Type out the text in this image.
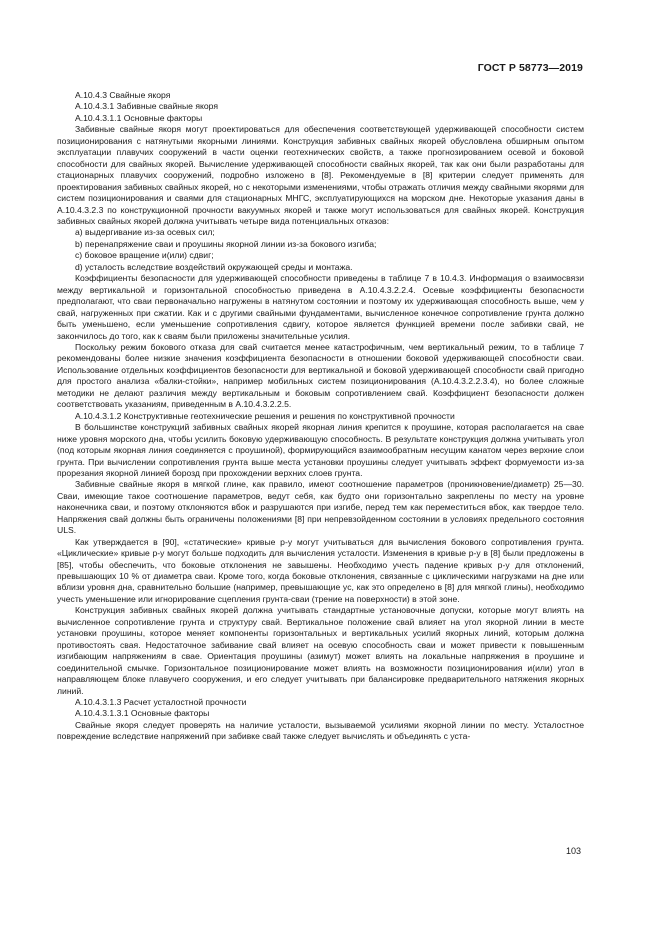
ГОСТ Р 58773—2019

A.10.4.3 Свайные якоря

A.10.4.3.1 Забивные свайные якоря

A.10.4.3.1.1 Основные факторы

Забивные свайные якоря могут проектироваться для обеспечения соответствующей удерживающей способности систем позиционирования с натянутыми якорными линиями. Конструкция забивных свайных якорей обусловлена обширным опытом эксплуатации плавучих сооружений в части оценки геотехнических свойств, а также прогнозированием осевой и боковой способности для свайных якорей. Вычисление удерживающей способности свайных якорей, так как они были разработаны для стационарных плавучих сооружений, подробно изложено в [8]. Рекомендуемые в [8] критерии следует применять для проектирования забивных свайных якорей, но с некоторыми изменениями, чтобы отражать отличия между свайными якорями для систем позиционирования и сваями для стационарных МНГС, эксплуатирующихся на морском дне. Некоторые указания даны в A.10.4.3.2.3 по конструкционной прочности вакуумных якорей и также могут использоваться для свайных якорей. Конструкция забивных свайных якорей должна учитывать четыре вида потенциальных отказов:

a) выдергивание из-за осевых сил;

b) перенапряжение сваи и проушины якорной линии из-за бокового изгиба;

c) боковое вращение и(или) сдвиг;

d) усталость вследствие воздействий окружающей среды и монтажа.

Коэффициенты безопасности для удерживающей способности приведены в таблице 7 в 10.4.3. Информация о взаимосвязи между вертикальной и горизонтальной способностью приведена в A.10.4.3.2.2.4. Осевые коэффициенты безопасности предполагают, что сваи первоначально нагружены в натянутом состоянии и поэтому их удерживающая способность выше, чем у свай, нагруженных при сжатии. Как и с другими свайными фундаментами, вычисленное конечное сопротивление грунта должно быть уменьшено, если уменьшение сопротивления сдвигу, которое является функцией времени после забивки свай, не закончилось до того, как к сваям были приложены значительные усилия.

Поскольку режим бокового отказа для свай считается менее катастрофичным, чем вертикальный режим, то в таблице 7 рекомендованы более низкие значения коэффициента безопасности в отношении боковой удерживающей способности сваи. Использование отдельных коэффициентов безопасности для вертикальной и боковой удерживающей способности свай пригодно для простого анализа «балки-стойки», например мобильных систем позиционирования (A.10.4.3.2.2.3.4), но более сложные методики не делают различия между вертикальным и боковым сопротивлением свай. Коэффициент безопасности должен соответствовать указаниям, приведенным в A.10.4.3.2.2.5.

A.10.4.3.1.2 Конструктивные геотехнические решения и решения по конструктивной прочности

В большинстве конструкций забивных свайных якорей якорная линия крепится к проушине, которая располагается на свае ниже уровня морского дна, чтобы усилить боковую удерживающую способность. В результате конструкция должна учитывать угол (под которым якорная линия соединяется с проушиной), формирующийся взаимообратным несущим канатом через верхние слои грунта. При вычислении сопротивления грунта выше места установки проушины следует учитывать эффект формуемости из-за прорезания якорной линией борозд при прохождении верхних слоев грунта.

Забивные свайные якоря в мягкой глине, как правило, имеют соотношение параметров (проникновение/диаметр) 25—30. Сваи, имеющие такое соотношение параметров, ведут себя, как будто они горизонтально закреплены по месту на уровне наконечника сваи, и поэтому отклоняются вбок и разрушаются при изгибе, перед тем как переместиться вбок, как твердое тело. Напряжения свай должны быть ограничены положениями [8] при непревзойденном состоянии в условиях предельного состояния ULS.

Как утверждается в [90], «статические» кривые p-y могут учитываться для вычисления бокового сопротивления грунта. «Циклические» кривые p-y могут больше подходить для вычисления усталости. Изменения в кривые p-y в [8] были предложены в [85], чтобы обеспечить, что боковые отклонения не завышены. Необходимо учесть падение кривых p-y для отклонений, превышающих 10 % от диаметра сваи. Кроме того, когда боковые отклонения, связанные с циклическими нагрузками на дне или вблизи уровня дна, сравнительно большие (например, превышающие yc, как это определено в [8] для мягкой глины), необходимо учесть уменьшение или игнорирование сцепления грунта-сваи (трение на поверхности) в этой зоне.

Конструкция забивных свайных якорей должна учитывать стандартные установочные допуски, которые могут влиять на вычисленное сопротивление грунта и структуру свай. Вертикальное положение свай влияет на угол якорной линии в месте установки проушины, которое меняет компоненты горизонтальных и вертикальных усилий якорных линий, которым должна противостоять свая. Недостаточное забивание свай влияет на осевую способность сваи и может привести к повышенным изгибающим напряжениям в свае. Ориентация проушины (азимут) может влиять на локальные напряжения в проушине и соединительной смычке. Горизонтальное позиционирование может влиять на возможности позиционирования и(или) угол в направляющем блоке плавучего сооружения, и его следует учитывать при балансировке предварительного натяжения якорных линий.

A.10.4.3.1.3 Расчет усталостной прочности

A.10.4.3.1.3.1 Основные факторы

Свайные якоря следует проверять на наличие усталости, вызываемой усилиями якорной линии по месту. Усталостное повреждение вследствие напряжений при забивке свай также следует вычислять и объединять с уста-

103
